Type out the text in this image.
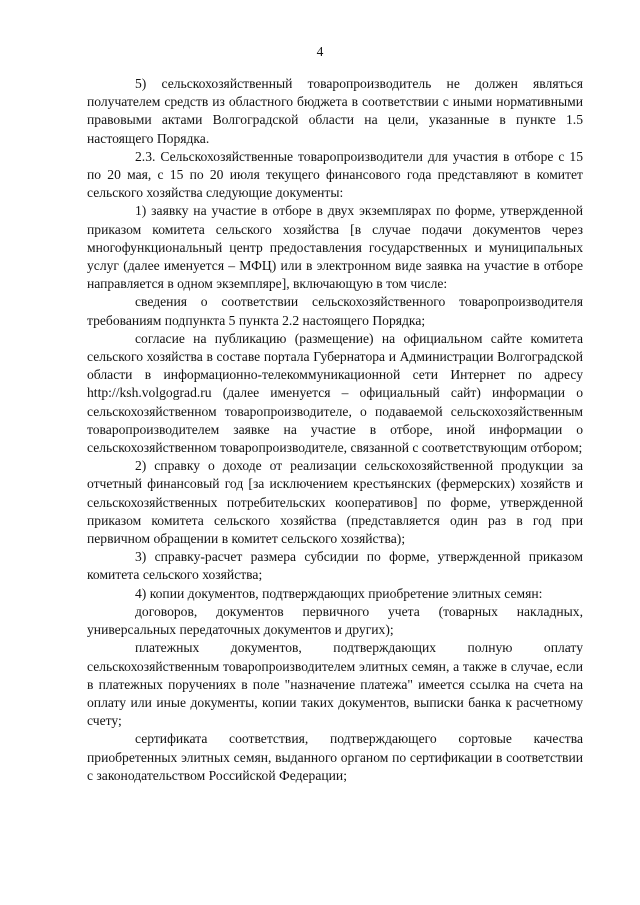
4

5) сельскохозяйственный товаропроизводитель не должен являться получателем средств из областного бюджета в соответствии с иными нормативными правовыми актами Волгоградской области на цели, указанные в пункте 1.5 настоящего Порядка.

2.3. Сельскохозяйственные товаропроизводители для участия в отборе с 15 по 20 мая, с 15 по 20 июля текущего финансового года представляют в комитет сельского хозяйства следующие документы:

1) заявку на участие в отборе в двух экземплярах по форме, утвержденной приказом комитета сельского хозяйства [в случае подачи документов через многофункциональный центр предоставления государственных и муниципальных услуг (далее именуется – МФЦ) или в электронном виде заявка на участие в отборе направляется в одном экземпляре], включающую в том числе:

сведения о соответствии сельскохозяйственного товаропроизводителя требованиям подпункта 5 пункта 2.2 настоящего Порядка;

согласие на публикацию (размещение) на официальном сайте комитета сельского хозяйства в составе портала Губернатора и Администрации Волгоградской области в информационно-телекоммуникационной сети Интернет по адресу http://ksh.volgograd.ru (далее именуется – официальный сайт) информации о сельскохозяйственном товаропроизводителе, о подаваемой сельскохозяйственным товаропроизводителем заявке на участие в отборе, иной информации о сельскохозяйственном товаропроизводителе, связанной с соответствующим отбором;

2) справку о доходе от реализации сельскохозяйственной продукции за отчетный финансовый год [за исключением крестьянских (фермерских) хозяйств и сельскохозяйственных потребительских кооперативов] по форме, утвержденной приказом комитета сельского хозяйства (представляется один раз в год при первичном обращении в комитет сельского хозяйства);

3) справку-расчет размера субсидии по форме, утвержденной приказом комитета сельского хозяйства;

4) копии документов, подтверждающих приобретение элитных семян:

договоров, документов первичного учета (товарных накладных, универсальных передаточных документов и других);

платежных документов, подтверждающих полную оплату сельскохозяйственным товаропроизводителем элитных семян, а также в случае, если в платежных поручениях в поле "назначение платежа" имеется ссылка на счета на оплату или иные документы, копии таких документов, выписки банка к расчетному счету;

сертификата соответствия, подтверждающего сортовые качества приобретенных элитных семян, выданного органом по сертификации в соответствии с законодательством Российской Федерации;
